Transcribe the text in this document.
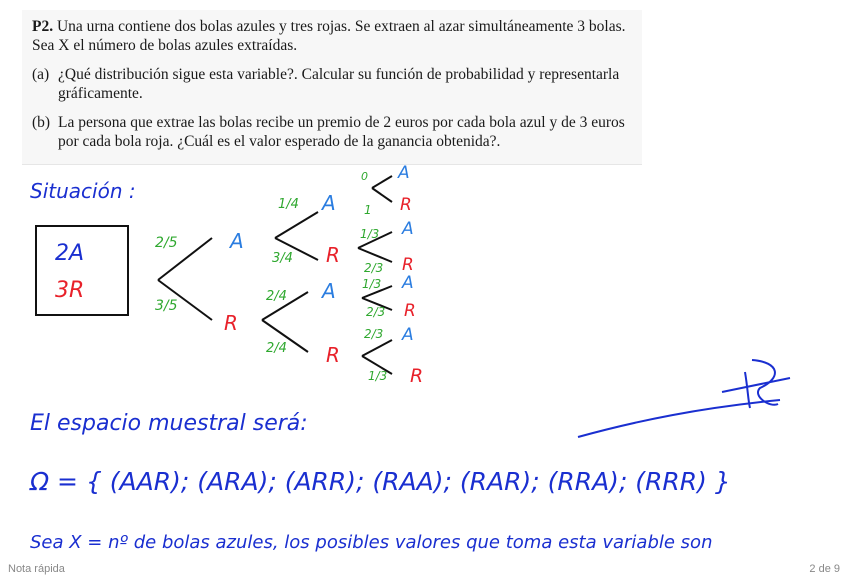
P2. Una urna contiene dos bolas azules y tres rojas. Se extraen al azar simultáneamente 3 bolas. Sea X el número de bolas azules extraídas.

(a) ¿Qué distribución sigue esta variable?. Calcular su función de probabilidad y representarla gráficamente.
(b) La persona que extrae las bolas recibe un premio de 2 euros por cada bola azul y de 3 euros por cada bola roja. ¿Cuál es el valor esperado de la ganancia obtenida?.
Situación :
2A
3R
2/5
3/5
A
R
1/4
3/4
2/4
2/4
A
R
A
R
0
1
1/3
2/3
1/3
2/3
2/3
1/3
A
R
A
R
A
R
A
R
El espacio muestral será:
Ω = { (AAR); (ARA); (ARR); (RAA); (RAR); (RRA); (RRR) }
Sea X = nº de bolas azules, los posibles valores que toma esta variable son
Nota rápida	2 de 9
